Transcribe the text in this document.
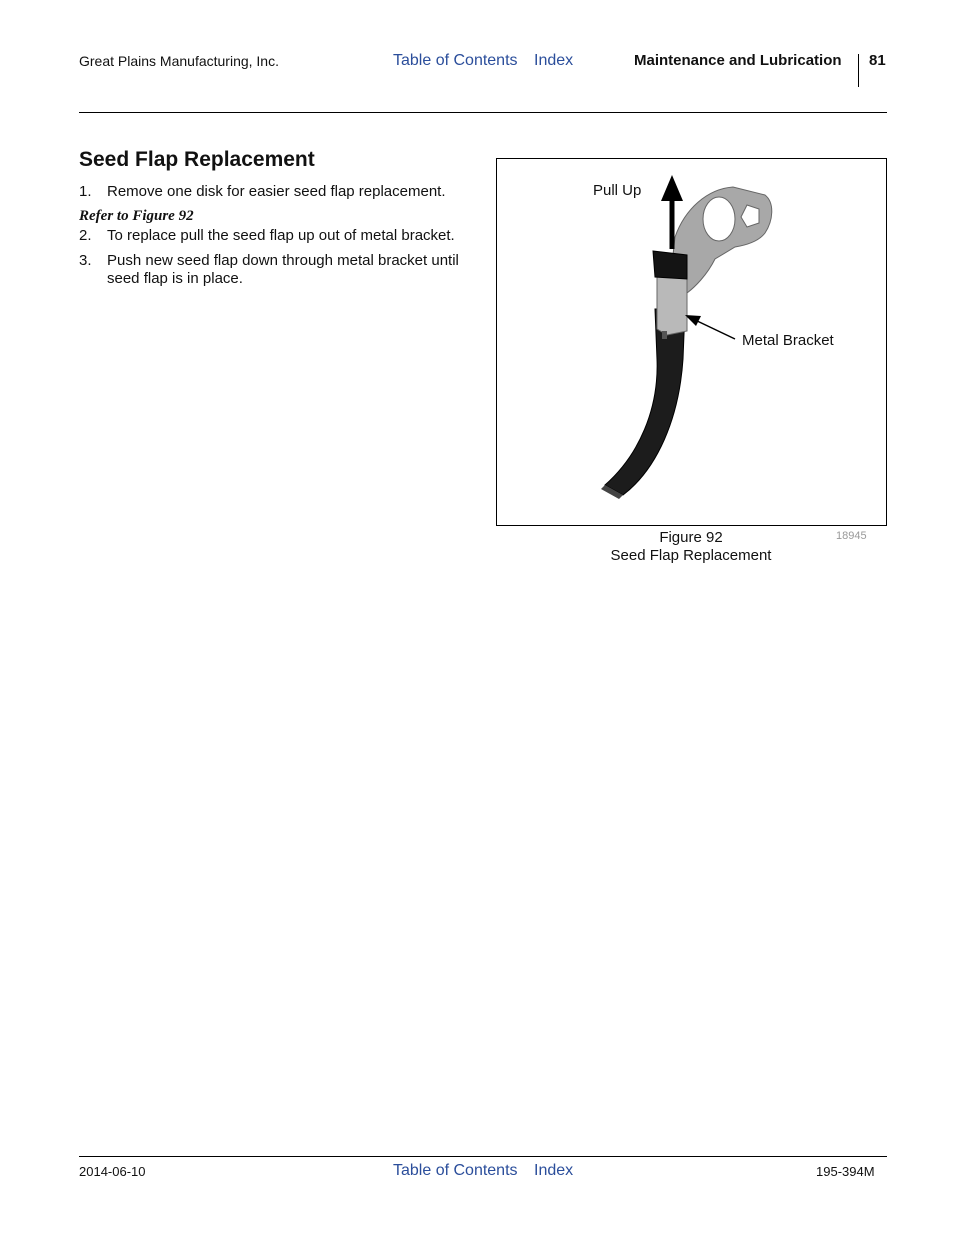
Great Plains Manufacturing, Inc.	Table of Contents Index	Maintenance and Lubrication 81
Seed Flap Replacement
1. Remove one disk for easier seed flap replacement.
Refer to Figure 92
2. To replace pull the seed flap up out of metal bracket.
3. Push new seed flap down through metal bracket until seed flap is in place.
Pull Up
Metal Bracket
Figure 92
Seed Flap Replacement
18945
2014-06-10	Table of Contents Index	195-394M
